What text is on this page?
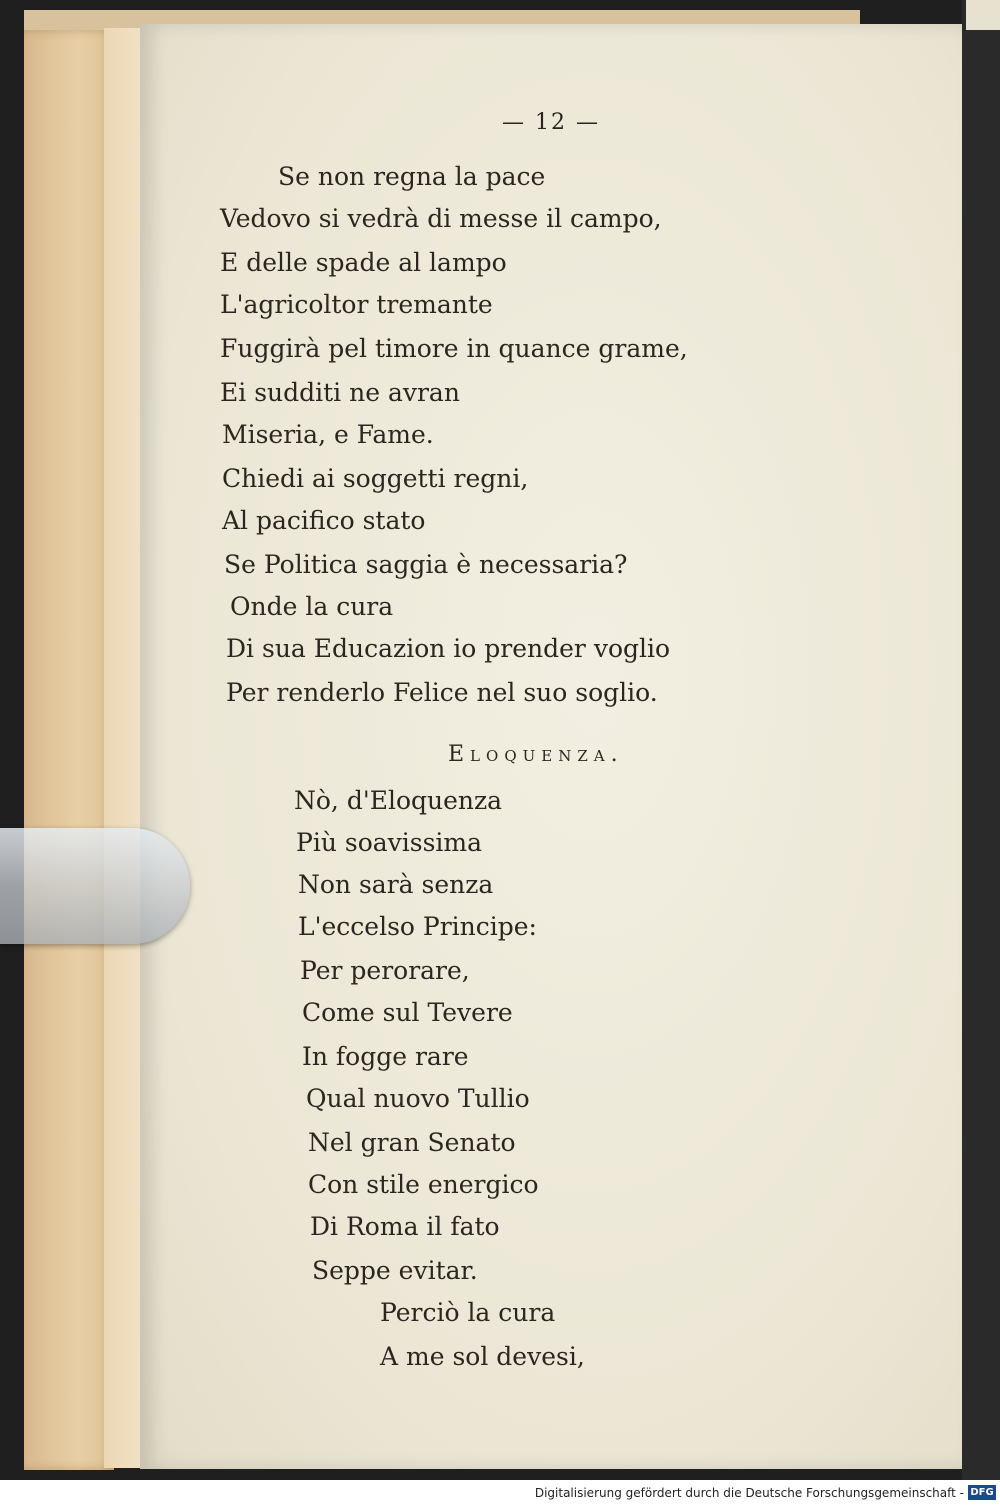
— 12 —
Se non regna la pace
Vedovo si vedrà di messe il campo,
E delle spade al lampo
L'agricoltor tremante
Fuggirà pel timore in quance grame,
Ei sudditi ne avran
Miseria, e Fame.
Chiedi ai soggetti regni,
Al pacifico stato
Se Politica saggia è necessaria?
Onde la cura
Di sua Educazion io prender voglio
Per renderlo Felice nel suo soglio.
Eloquenza.
Nò, d'Eloquenza
Più soavissima
Non sarà senza
L'eccelso Principe:
Per perorare,
Come sul Tevere
In fogge rare
Qual nuovo Tullio
Nel gran Senato
Con stile energico
Di Roma il fato
Seppe evitar.
Perciò la cura
A me sol devesi,
Digitalisierung gefördert durch die Deutsche Forschungsgemeinschaft - DFG
